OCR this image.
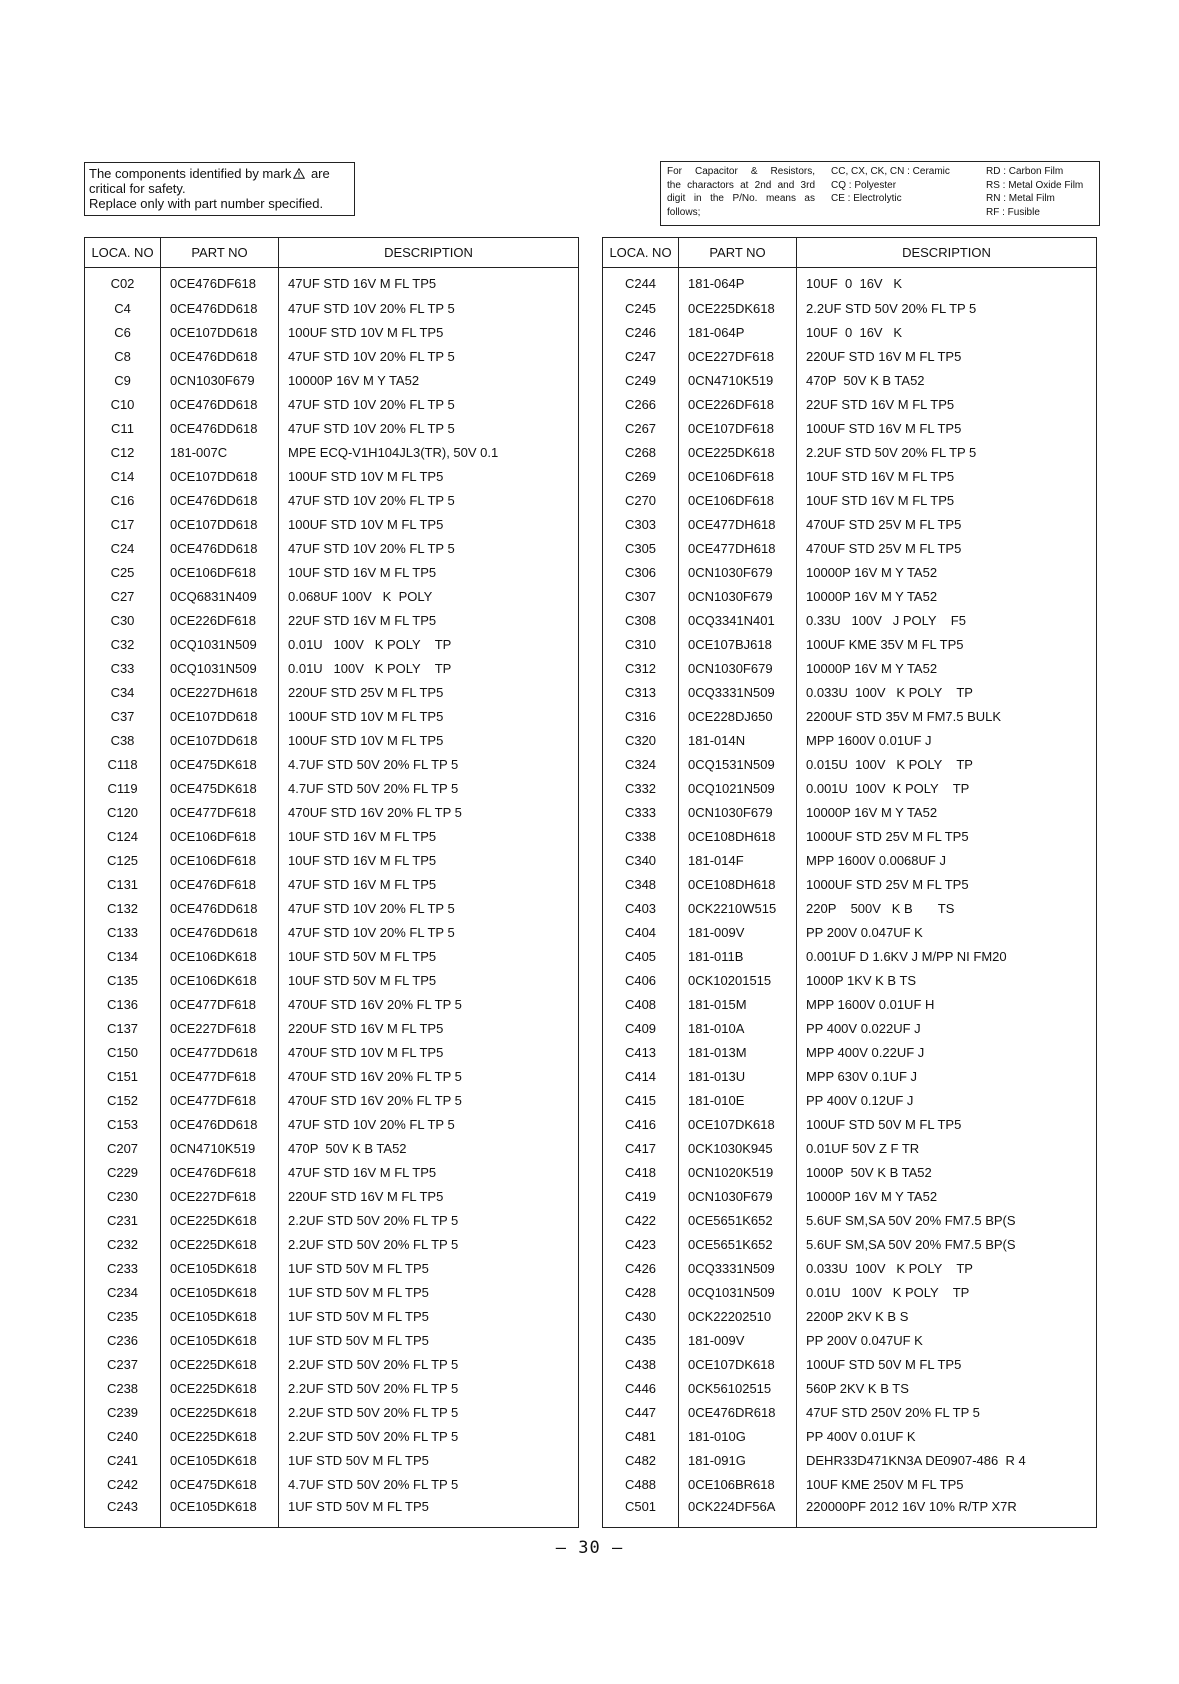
The components identified by mark are
critical for safety.
Replace only with part number specified.
For Capacitor & Resistors,
the charactors at 2nd and 3rd
digit in the P/No. means as
follows;
CC, CX, CK, CN : Ceramic
CQ : Polyester
CE : Electrolytic
RD : Carbon Film
RS : Metal Oxide Film
RN : Metal Film
RF : Fusible
LOCA. NO	PART NO	DESCRIPTION
C02	0CE476DF618	47UF STD 16V M FL TP5
C4	0CE476DD618	47UF STD 10V 20% FL TP 5
C6	0CE107DD618	100UF STD 10V M FL TP5
C8	0CE476DD618	47UF STD 10V 20% FL TP 5
C9	0CN1030F679	10000P 16V M Y TA52
C10	0CE476DD618	47UF STD 10V 20% FL TP 5
C11	0CE476DD618	47UF STD 10V 20% FL TP 5
C12	181-007C	MPE ECQ-V1H104JL3(TR), 50V 0.1
C14	0CE107DD618	100UF STD 10V M FL TP5
C16	0CE476DD618	47UF STD 10V 20% FL TP 5
C17	0CE107DD618	100UF STD 10V M FL TP5
C24	0CE476DD618	47UF STD 10V 20% FL TP 5
C25	0CE106DF618	10UF STD 16V M FL TP5
C27	0CQ6831N409	0.068UF 100V   K  POLY
C30	0CE226DF618	22UF STD 16V M FL TP5
C32	0CQ1031N509	0.01U   100V   K POLY    TP
C33	0CQ1031N509	0.01U   100V   K POLY    TP
C34	0CE227DH618	220UF STD 25V M FL TP5
C37	0CE107DD618	100UF STD 10V M FL TP5
C38	0CE107DD618	100UF STD 10V M FL TP5
C118	0CE475DK618	4.7UF STD 50V 20% FL TP 5
C119	0CE475DK618	4.7UF STD 50V 20% FL TP 5
C120	0CE477DF618	470UF STD 16V 20% FL TP 5
C124	0CE106DF618	10UF STD 16V M FL TP5
C125	0CE106DF618	10UF STD 16V M FL TP5
C131	0CE476DF618	47UF STD 16V M FL TP5
C132	0CE476DD618	47UF STD 10V 20% FL TP 5
C133	0CE476DD618	47UF STD 10V 20% FL TP 5
C134	0CE106DK618	10UF STD 50V M FL TP5
C135	0CE106DK618	10UF STD 50V M FL TP5
C136	0CE477DF618	470UF STD 16V 20% FL TP 5
C137	0CE227DF618	220UF STD 16V M FL TP5
C150	0CE477DD618	470UF STD 10V M FL TP5
C151	0CE477DF618	470UF STD 16V 20% FL TP 5
C152	0CE477DF618	470UF STD 16V 20% FL TP 5
C153	0CE476DD618	47UF STD 10V 20% FL TP 5
C207	0CN4710K519	470P  50V K B TA52
C229	0CE476DF618	47UF STD 16V M FL TP5
C230	0CE227DF618	220UF STD 16V M FL TP5
C231	0CE225DK618	2.2UF STD 50V 20% FL TP 5
C232	0CE225DK618	2.2UF STD 50V 20% FL TP 5
C233	0CE105DK618	1UF STD 50V M FL TP5
C234	0CE105DK618	1UF STD 50V M FL TP5
C235	0CE105DK618	1UF STD 50V M FL TP5
C236	0CE105DK618	1UF STD 50V M FL TP5
C237	0CE225DK618	2.2UF STD 50V 20% FL TP 5
C238	0CE225DK618	2.2UF STD 50V 20% FL TP 5
C239	0CE225DK618	2.2UF STD 50V 20% FL TP 5
C240	0CE225DK618	2.2UF STD 50V 20% FL TP 5
C241	0CE105DK618	1UF STD 50V M FL TP5
C242	0CE475DK618	4.7UF STD 50V 20% FL TP 5
C243	0CE105DK618	1UF STD 50V M FL TP5
LOCA. NO	PART NO	DESCRIPTION
C244	181-064P	10UF  0  16V   K
C245	0CE225DK618	2.2UF STD 50V 20% FL TP 5
C246	181-064P	10UF  0  16V   K
C247	0CE227DF618	220UF STD 16V M FL TP5
C249	0CN4710K519	470P  50V K B TA52
C266	0CE226DF618	22UF STD 16V M FL TP5
C267	0CE107DF618	100UF STD 16V M FL TP5
C268	0CE225DK618	2.2UF STD 50V 20% FL TP 5
C269	0CE106DF618	10UF STD 16V M FL TP5
C270	0CE106DF618	10UF STD 16V M FL TP5
C303	0CE477DH618	470UF STD 25V M FL TP5
C305	0CE477DH618	470UF STD 25V M FL TP5
C306	0CN1030F679	10000P 16V M Y TA52
C307	0CN1030F679	10000P 16V M Y TA52
C308	0CQ3341N401	0.33U   100V   J POLY    F5
C310	0CE107BJ618	100UF KME 35V M FL TP5
C312	0CN1030F679	10000P 16V M Y TA52
C313	0CQ3331N509	0.033U  100V   K POLY    TP
C316	0CE228DJ650	2200UF STD 35V M FM7.5 BULK
C320	181-014N	MPP 1600V 0.01UF J
C324	0CQ1531N509	0.015U  100V   K POLY    TP
C332	0CQ1021N509	0.001U  100V  K POLY    TP
C333	0CN1030F679	10000P 16V M Y TA52
C338	0CE108DH618	1000UF STD 25V M FL TP5
C340	181-014F	MPP 1600V 0.0068UF J
C348	0CE108DH618	1000UF STD 25V M FL TP5
C403	0CK2210W515	220P    500V   K B       TS
C404	181-009V	PP 200V 0.047UF K
C405	181-011B	0.001UF D 1.6KV J M/PP NI FM20
C406	0CK10201515	1000P 1KV K B TS
C408	181-015M	MPP 1600V 0.01UF H
C409	181-010A	PP 400V 0.022UF J
C413	181-013M	MPP 400V 0.22UF J
C414	181-013U	MPP 630V 0.1UF J
C415	181-010E	PP 400V 0.12UF J
C416	0CE107DK618	100UF STD 50V M FL TP5
C417	0CK1030K945	0.01UF 50V Z F TR
C418	0CN1020K519	1000P  50V K B TA52
C419	0CN1030F679	10000P 16V M Y TA52
C422	0CE5651K652	5.6UF SM,SA 50V 20% FM7.5 BP(S
C423	0CE5651K652	5.6UF SM,SA 50V 20% FM7.5 BP(S
C426	0CQ3331N509	0.033U  100V   K POLY    TP
C428	0CQ1031N509	0.01U   100V   K POLY    TP
C430	0CK22202510	2200P 2KV K B S
C435	181-009V	PP 200V 0.047UF K
C438	0CE107DK618	100UF STD 50V M FL TP5
C446	0CK56102515	560P 2KV K B TS
C447	0CE476DR618	47UF STD 250V 20% FL TP 5
C481	181-010G	PP 400V 0.01UF K
C482	181-091G	DEHR33D471KN3A DE0907-486  R 4
C488	0CE106BR618	10UF KME 250V M FL TP5
C501	0CK224DF56A	220000PF 2012 16V 10% R/TP X7R
– 30 –
